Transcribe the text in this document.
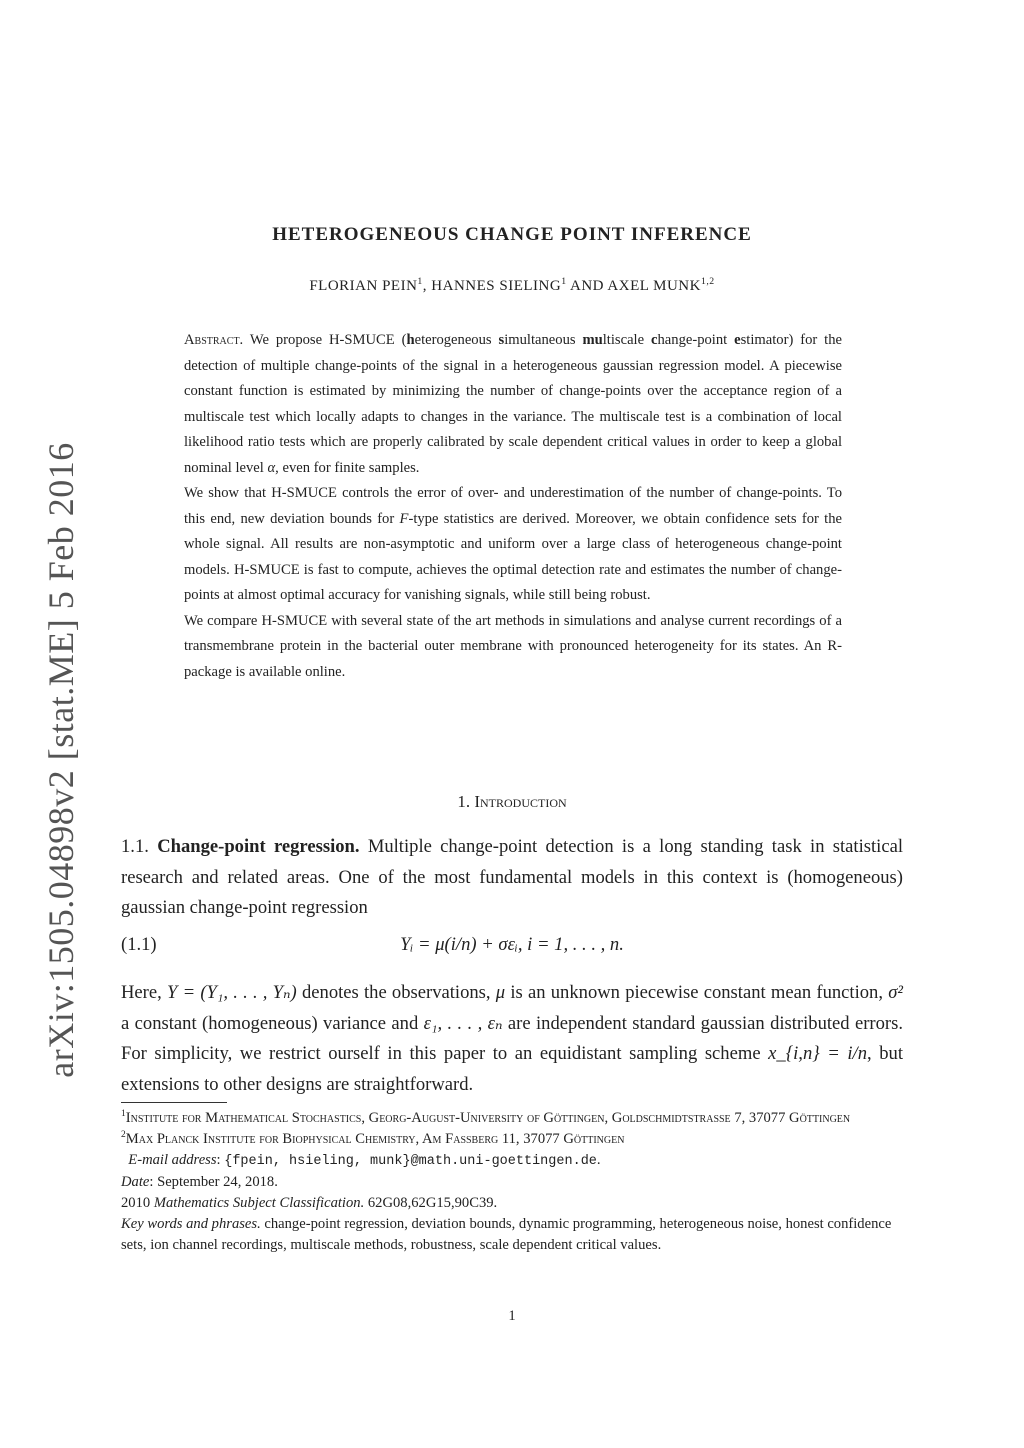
arXiv:1505.04898v2 [stat.ME] 5 Feb 2016
HETEROGENEOUS CHANGE POINT INFERENCE
FLORIAN PEIN$^1$, HANNES SIELING$^1$ AND AXEL MUNK$^{1,2}$

Abstract. We propose H-SMUCE (heterogeneous simultaneous multiscale change-point estimator) for the detection of multiple change-points of the signal in a heterogeneous gaussian regression model. A piecewise constant function is estimated by minimizing the number of change-points over the acceptance region of a multiscale test which locally adapts to changes in the variance. The multiscale test is a combination of local likelihood ratio tests which are properly calibrated by scale dependent critical values in order to keep a global nominal level α, even for finite samples.

We show that H-SMUCE controls the error of over- and underestimation of the number of change-points. To this end, new deviation bounds for F-type statistics are derived. Moreover, we obtain confidence sets for the whole signal. All results are non-asymptotic and uniform over a large class of heterogeneous change-point models. H-SMUCE is fast to compute, achieves the optimal detection rate and estimates the number of change-points at almost optimal accuracy for vanishing signals, while still being robust.

We compare H-SMUCE with several state of the art methods in simulations and analyse current recordings of a transmembrane protein in the bacterial outer membrane with pronounced heterogeneity for its states. An R-package is available online.

1. Introduction

1.1. Change-point regression. Multiple change-point detection is a long standing task in statistical research and related areas. One of the most fundamental models in this context is (homogeneous) gaussian change-point regression

(1.1)	Yᵢ = μ(i/n) + σεᵢ, i = 1, . . . , n.

Here, Y = (Y₁, . . . , Yₙ) denotes the observations, μ is an unknown piecewise constant mean function, σ² a constant (homogeneous) variance and ε₁, . . . , εₙ are independent standard gaussian distributed errors. For simplicity, we restrict ourself in this paper to an equidistant sampling scheme x_{i,n} = i/n, but extensions to other designs are straightforward.

$^1$Institute for Mathematical Stochastics, Georg-August-University of Göttingen, Goldschmidtstrasse 7, 37077 Göttingen

$^2$Max Planck Institute for Biophysical Chemistry, Am Fassberg 11, 37077 Göttingen

E-mail address: {fpein, hsieling, munk}@math.uni-goettingen.de.

Date: September 24, 2018.

2010 Mathematics Subject Classification. 62G08,62G15,90C39.

Key words and phrases. change-point regression, deviation bounds, dynamic programming, heterogeneous noise, honest confidence sets, ion channel recordings, multiscale methods, robustness, scale dependent critical values.

1
